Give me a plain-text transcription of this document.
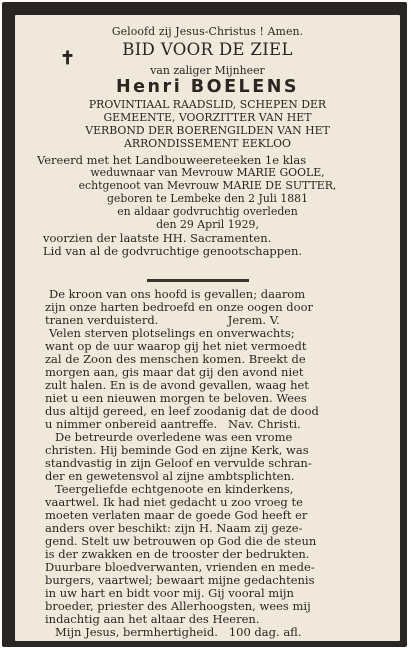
Geloofd zij Jesus-Christus ! Amen.
✝	BID VOOR DE ZIEL
van zaliger Mijnheer
Henri BOELENS
PROVINTIAAL RAADSLID, SCHEPEN DER
GEMEENTE, VOORZITTER VAN HET
VERBOND DER BOERENGILDEN VAN HET
ARRONDISSEMENT EEKLOO
Vereerd met het Landbouweereteeken 1e klas
weduwnaar van Mevrouw MARIE GOOLE,
echtgenoot van Mevrouw MARIE DE SUTTER,
geboren te Lembeke den 2 Juli 1881
en aldaar godvruchtig overleden
den 29 April 1929,
voorzien der laatste HH. Sacramenten.
Lid van al de godvruchtige genootschappen.
De kroon van ons hoofd is gevallen; daarom
zijn onze harten bedroefd en onze oogen door
tranen verduisterd.                   Jerem. V.
Velen sterven plotselings en onverwachts;
want op de uur waarop gij het niet vermoedt
zal de Zoon des menschen komen. Breekt de
morgen aan, gis maar dat gij den avond niet
zult halen. En is de avond gevallen, waag het
niet u een nieuwen morgen te beloven. Wees
dus altijd gereed, en leef zoodanig dat de dood
u nimmer onbereid aantreffe.   Nav. Christi.
De betreurde overledene was een vrome
christen. Hij beminde God en zijne Kerk, was
standvastig in zijn Geloof en vervulde schran-
der en gewetensvol al zijne ambtsplichten.
Teergeliefde echtgenoote en kinderkens,
vaartwel. Ik had niet gedacht u zoo vroeg te
moeten verlaten maar de goede God heeft er
anders over beschikt: zijn H. Naam zij geze-
gend. Stelt uw betrouwen op God die de steun
is der zwakken en de trooster der bedrukten.
Duurbare bloedverwanten, vrienden en mede-
burgers, vaartwel; bewaart mijne gedachtenis
in uw hart en bidt voor mij. Gij vooral mijn
broeder, priester des Allerhoogsten, wees mij
indachtig aan het altaar des Heeren.
Mijn Jesus, bermhertigheid.   100 dag. afl.
